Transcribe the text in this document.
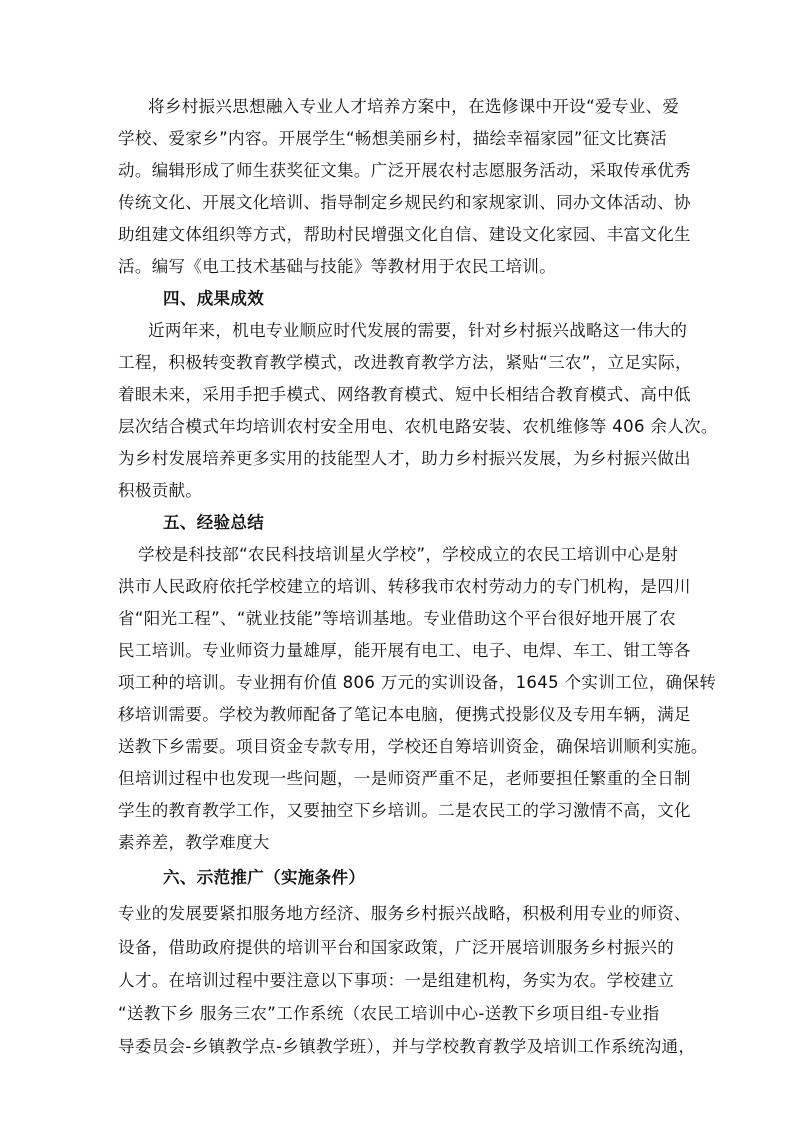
将乡村振兴思想融入专业人才培养方案中，在选修课中开设“爱专业、爱
学校、爱家乡”内容。开展学生“畅想美丽乡村，描绘幸福家园”征文比赛活
动。编辑形成了师生获奖征文集。广泛开展农村志愿服务活动，采取传承优秀
传统文化、开展文化培训、指导制定乡规民约和家规家训、同办文体活动、协
助组建文体组织等方式，帮助村民增强文化自信、建设文化家园、丰富文化生
活。编写《电工技术基础与技能》等教材用于农民工培训。
四、成果成效
近两年来，机电专业顺应时代发展的需要，针对乡村振兴战略这一伟大的
工程，积极转变教育教学模式，改进教育教学方法，紧贴“三农”，立足实际，
着眼未来，采用手把手模式、网络教育模式、短中长相结合教育模式、高中低
层次结合模式年均培训农村安全用电、农机电路安装、农机维修等 406 余人次。
为乡村发展培养更多实用的技能型人才，助力乡村振兴发展，为乡村振兴做出
积极贡献。
五、经验总结
学校是科技部“农民科技培训星火学校”，学校成立的农民工培训中心是射
洪市人民政府依托学校建立的培训、转移我市农村劳动力的专门机构，是四川
省“阳光工程”、“就业技能”等培训基地。专业借助这个平台很好地开展了农
民工培训。专业师资力量雄厚，能开展有电工、电子、电焊、车工、钳工等各
项工种的培训。专业拥有价值 806 万元的实训设备，1645 个实训工位，确保转
移培训需要。学校为教师配备了笔记本电脑，便携式投影仪及专用车辆，满足
送教下乡需要。项目资金专款专用，学校还自筹培训资金，确保培训顺利实施。
但培训过程中也发现一些问题，一是师资严重不足，老师要担任繁重的全日制
学生的教育教学工作，又要抽空下乡培训。二是农民工的学习激情不高，文化
素养差，教学难度大
六、示范推广（实施条件）
专业的发展要紧扣服务地方经济、服务乡村振兴战略，积极利用专业的师资、
设备，借助政府提供的培训平台和国家政策，广泛开展培训服务乡村振兴的
人才。在培训过程中要注意以下事项：一是组建机构，务实为农。学校建立
“送教下乡 服务三农”工作系统（农民工培训中心-送教下乡项目组-专业指
导委员会-乡镇教学点-乡镇教学班），并与学校教育教学及培训工作系统沟通，
